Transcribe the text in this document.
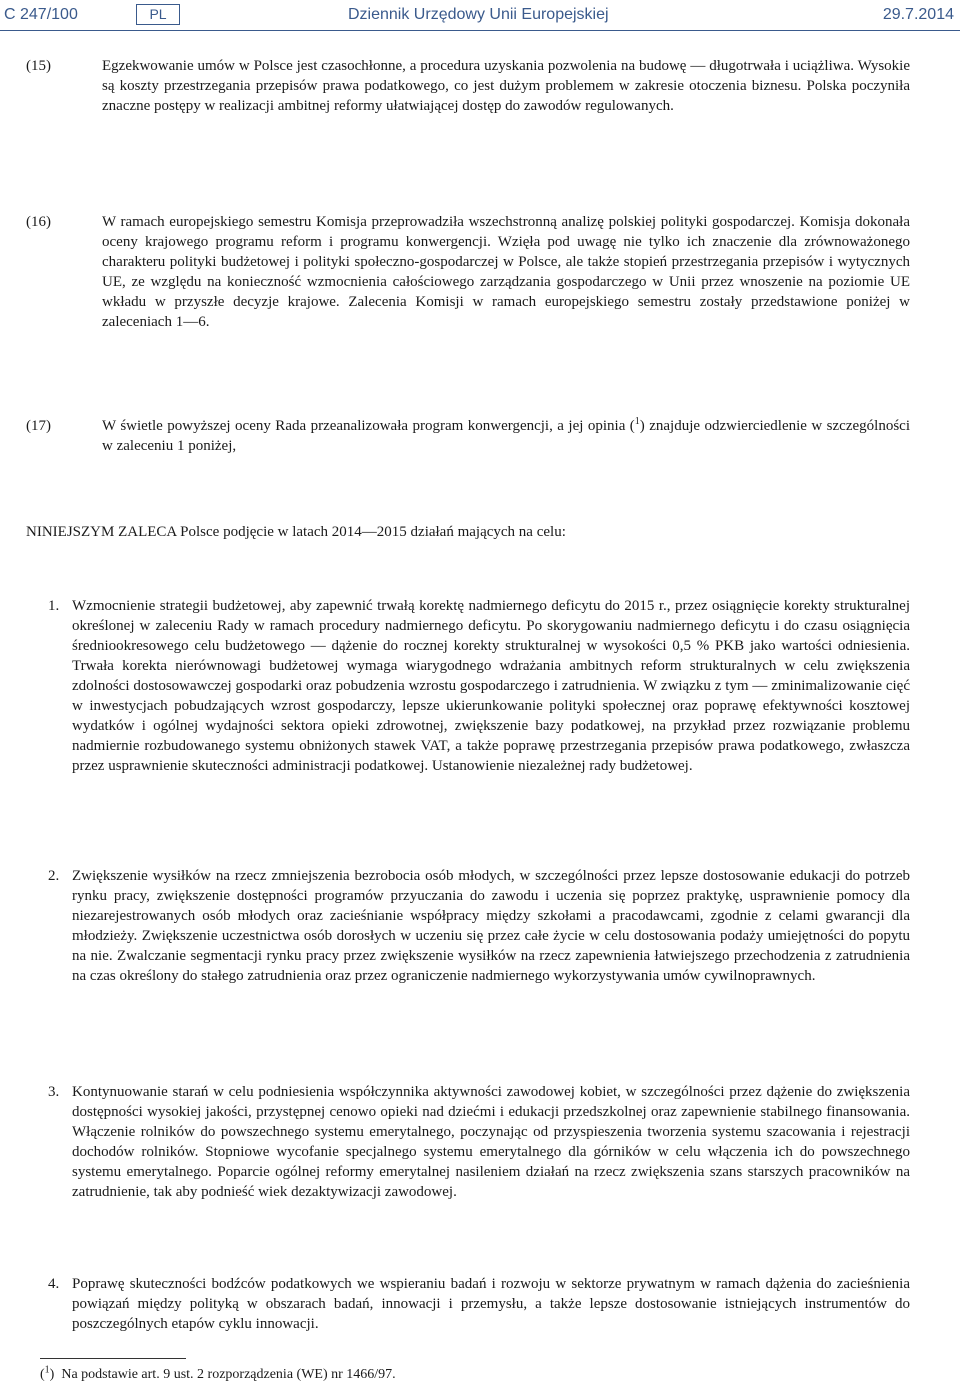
C 247/100	PL	Dziennik Urzędowy Unii Europejskiej	29.7.2014
(15)	Egzekwowanie umów w Polsce jest czasochłonne, a procedura uzyskania pozwolenia na budowę — długotrwała i uciążliwa. Wysokie są koszty przestrzegania przepisów prawa podatkowego, co jest dużym problemem w zakresie otoczenia biznesu. Polska poczyniła znaczne postępy w realizacji ambitnej reformy ułatwiającej dostęp do zawodów regulowanych.
(16)	W ramach europejskiego semestru Komisja przeprowadziła wszechstronną analizę polskiej polityki gospodarczej. Komisja dokonała oceny krajowego programu reform i programu konwergencji. Wzięła pod uwagę nie tylko ich znaczenie dla zrównoważonego charakteru polityki budżetowej i polityki społeczno-gospodarczej w Polsce, ale także stopień przestrzegania przepisów i wytycznych UE, ze względu na konieczność wzmocnienia całościowego zarządzania gospodarczego w Unii przez wnoszenie na poziomie UE wkładu w przyszłe decyzje krajowe. Zalecenia Komisji w ramach europejskiego semestru zostały przedstawione poniżej w zaleceniach 1—6.
(17)	W świetle powyższej oceny Rada przeanalizowała program konwergencji, a jej opinia ($^1$) znajduje odzwierciedlenie w szczególności w zaleceniu 1 poniżej,
NINIEJSZYM ZALECA Polsce podjęcie w latach 2014—2015 działań mających na celu:
1. Wzmocnienie strategii budżetowej, aby zapewnić trwałą korektę nadmiernego deficytu do 2015 r., przez osiągnięcie korekty strukturalnej określonej w zaleceniu Rady w ramach procedury nadmiernego deficytu. Po skorygowaniu nadmiernego deficytu i do czasu osiągnięcia średniookresowego celu budżetowego — dążenie do rocznej korekty strukturalnej w wysokości 0,5 % PKB jako wartości odniesienia. Trwała korekta nierównowagi budżetowej wymaga wiarygodnego wdrażania ambitnych reform strukturalnych w celu zwiększenia zdolności dostosowawczej gospodarki oraz pobudzenia wzrostu gospodarczego i zatrudnienia. W związku z tym — zminimalizowanie cięć w inwestycjach pobudzających wzrost gospodarczy, lepsze ukierunkowanie polityki społecznej oraz poprawę efektywności kosztowej wydatków i ogólnej wydajności sektora opieki zdrowotnej, zwiększenie bazy podatkowej, na przykład przez rozwiązanie problemu nadmiernie rozbudowanego systemu obniżonych stawek VAT, a także poprawę przestrzegania przepisów prawa podatkowego, zwłaszcza przez usprawnienie skuteczności administracji podatkowej. Ustanowienie niezależnej rady budżetowej.
2. Zwiększenie wysiłków na rzecz zmniejszenia bezrobocia osób młodych, w szczególności przez lepsze dostosowanie edukacji do potrzeb rynku pracy, zwiększenie dostępności programów przyuczania do zawodu i uczenia się poprzez praktykę, usprawnienie pomocy dla niezarejestrowanych osób młodych oraz zacieśnianie współpracy między szkołami a pracodawcami, zgodnie z celami gwarancji dla młodzieży. Zwiększenie uczestnictwa osób dorosłych w uczeniu się przez całe życie w celu dostosowania podaży umiejętności do popytu na nie. Zwalczanie segmentacji rynku pracy przez zwiększenie wysiłków na rzecz zapewnienia łatwiejszego przechodzenia z zatrudnienia na czas określony do stałego zatrudnienia oraz przez ograniczenie nadmiernego wykorzystywania umów cywilnoprawnych.
3. Kontynuowanie starań w celu podniesienia współczynnika aktywności zawodowej kobiet, w szczególności przez dążenie do zwiększenia dostępności wysokiej jakości, przystępnej cenowo opieki nad dziećmi i edukacji przedszkolnej oraz zapewnienie stabilnego finansowania. Włączenie rolników do powszechnego systemu emerytalnego, poczynając od przyspieszenia tworzenia systemu szacowania i rejestracji dochodów rolników. Stopniowe wycofanie specjalnego systemu emerytalnego dla górników w celu włączenia ich do powszechnego systemu emerytalnego. Poparcie ogólnej reformy emerytalnej nasileniem działań na rzecz zwiększenia szans starszych pracowników na zatrudnienie, tak aby podnieść wiek dezaktywizacji zawodowej.
4. Poprawę skuteczności bodźców podatkowych we wspieraniu badań i rozwoju w sektorze prywatnym w ramach dążenia do zacieśnienia powiązań między polityką w obszarach badań, innowacji i przemysłu, a także lepsze dostosowanie istniejących instrumentów do poszczególnych etapów cyklu innowacji.
($^1$) Na podstawie art. 9 ust. 2 rozporządzenia (WE) nr 1466/97.
